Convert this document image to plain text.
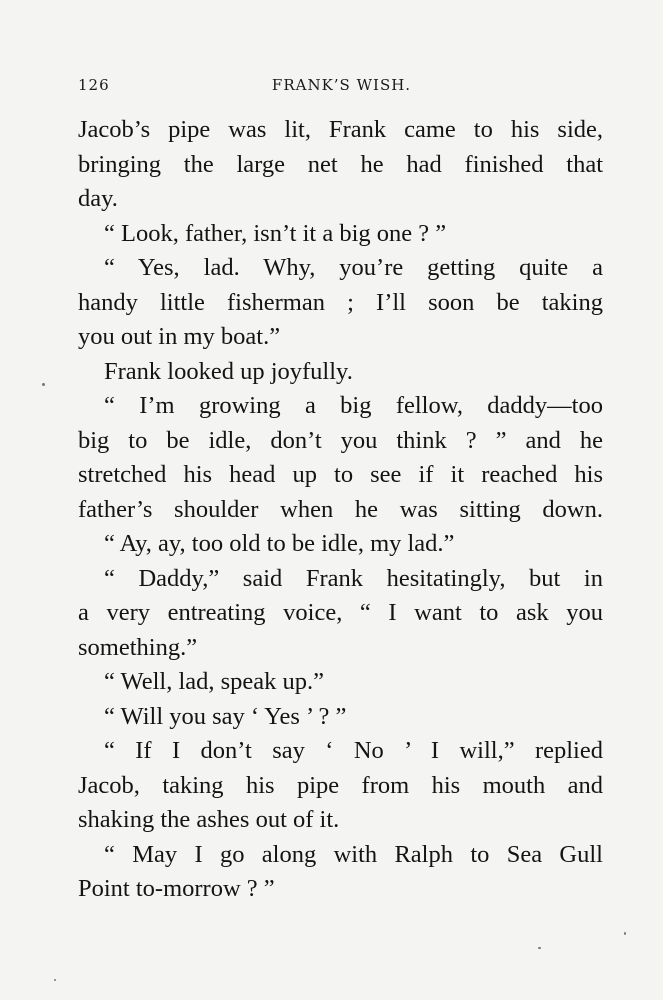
126	FRANK’S WISH.
Jacob’s pipe was lit, Frank came to his side,
bringing the large net he had finished that
day.
“ Look, father, isn’t it a big one ? ”
“ Yes, lad. Why, you’re getting quite a
handy little fisherman ; I’ll soon be taking
you out in my boat.”
Frank looked up joyfully.
“ I’m growing a big fellow, daddy—too
big to be idle, don’t you think ? ” and he
stretched his head up to see if it reached his
father’s shoulder when he was sitting down.
“ Ay, ay, too old to be idle, my lad.”
“ Daddy,” said Frank hesitatingly, but in
a very entreating voice, “ I want to ask you
something.”
“ Well, lad, speak up.”
“ Will you say ‘ Yes ’ ? ”
“ If I don’t say ‘ No ’ I will,” replied
Jacob, taking his pipe from his mouth and
shaking the ashes out of it.
“ May I go along with Ralph to Sea Gull
Point to-morrow ? ”
